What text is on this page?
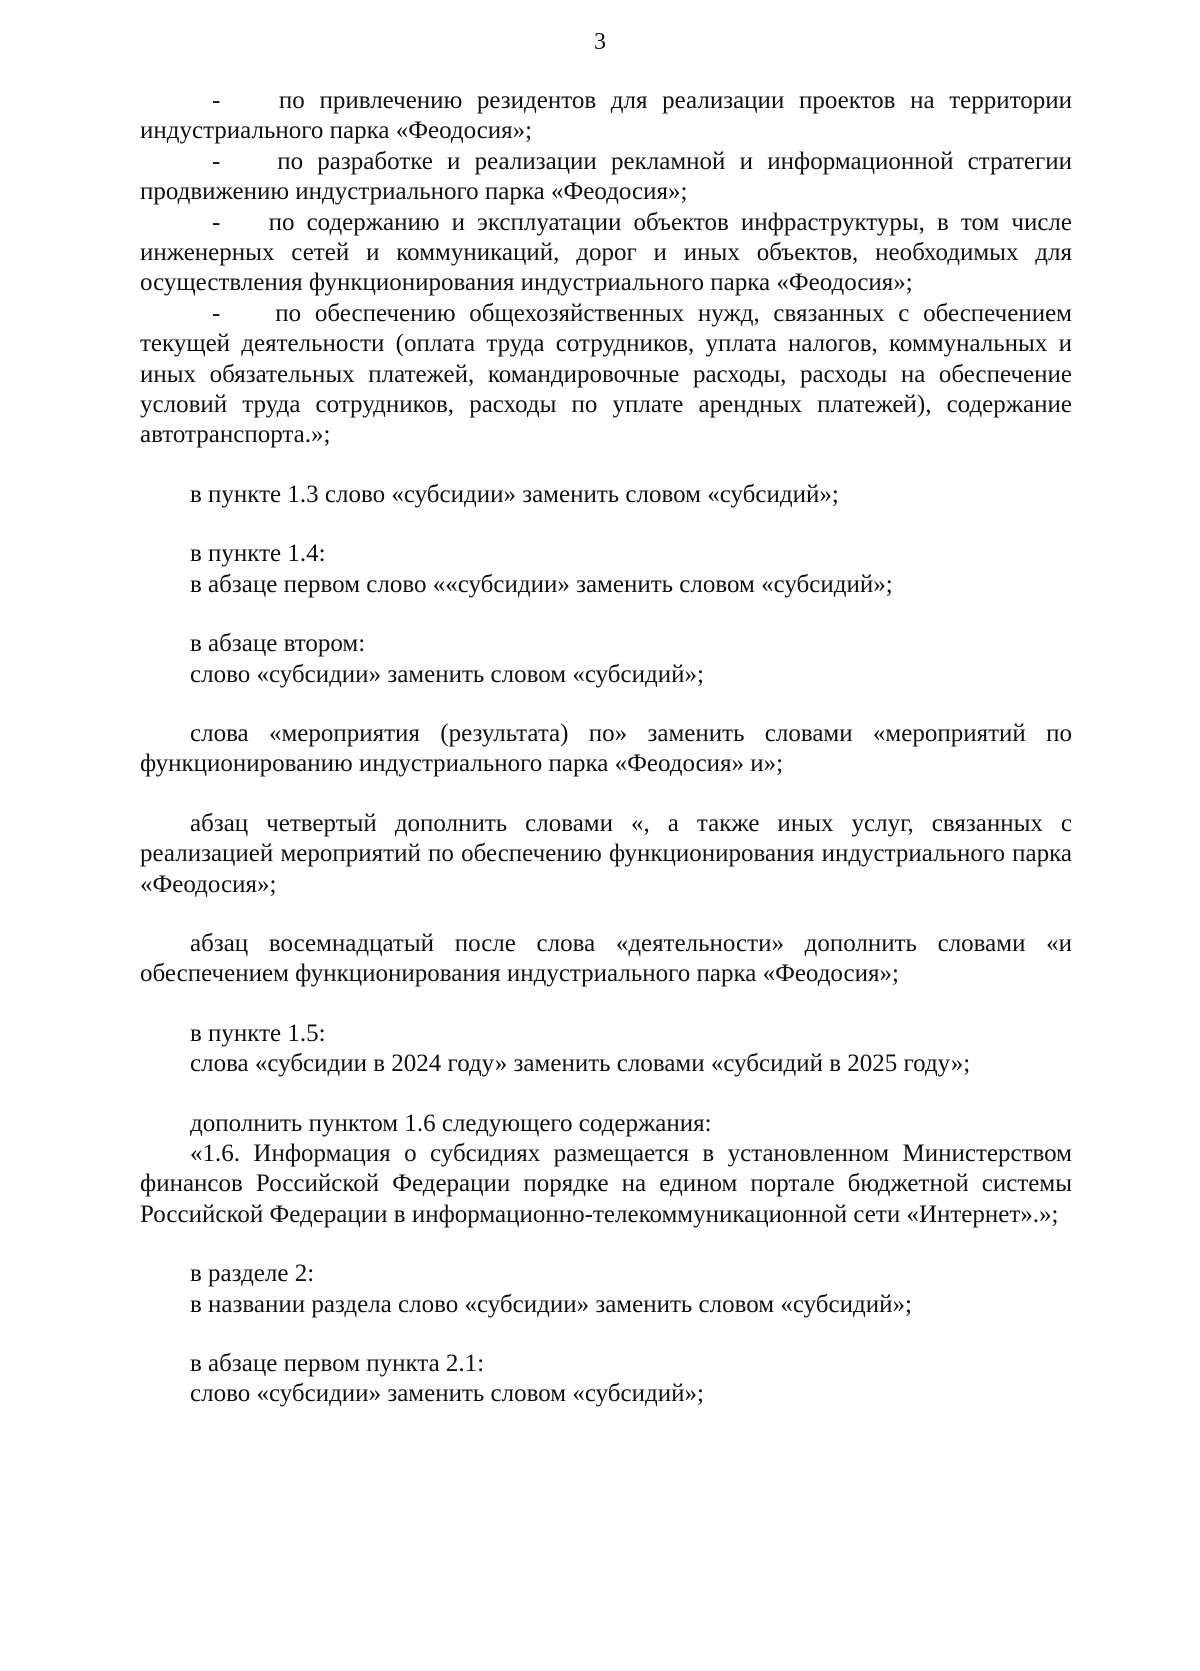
3

-    по привлечению резидентов для реализации проектов на территории индустриального парка «Феодосия»;

-    по разработке и реализации рекламной и информационной стратегии продвижению индустриального парка «Феодосия»;

-    по содержанию и эксплуатации объектов инфраструктуры, в том числе инженерных сетей и коммуникаций, дорог и иных объектов, необходимых для осуществления функционирования индустриального парка «Феодосия»;

-    по обеспечению общехозяйственных нужд, связанных с обеспечением текущей деятельности (оплата труда сотрудников, уплата налогов, коммунальных и иных обязательных платежей, командировочные расходы, расходы на обеспечение условий труда сотрудников, расходы по уплате арендных платежей), содержание автотранспорта.»;

в пункте 1.3 слово «субсидии» заменить словом «субсидий»;

в пункте 1.4:

в абзаце первом слово ««субсидии» заменить словом «субсидий»;

в абзаце втором:

слово «субсидии» заменить словом «субсидий»;

слова «мероприятия (результата) по» заменить словами «мероприятий по функционированию индустриального парка «Феодосия» и»;

абзац четвертый дополнить словами «, а также иных услуг, связанных с реализацией мероприятий по обеспечению функционирования индустриального парка «Феодосия»;

абзац восемнадцатый после слова «деятельности» дополнить словами «и обеспечением функционирования индустриального парка «Феодосия»;

в пункте 1.5:

слова «субсидии в 2024 году» заменить словами «субсидий в 2025 году»;

дополнить пунктом 1.6 следующего содержания:

«1.6. Информация о субсидиях размещается в установленном Министерством финансов Российской Федерации порядке на едином портале бюджетной системы Российской Федерации в информационно-телекоммуникационной сети «Интернет».»;

в разделе 2:

в названии раздела слово «субсидии» заменить словом «субсидий»;

в абзаце первом пункта 2.1:

слово «субсидии» заменить словом «субсидий»;
